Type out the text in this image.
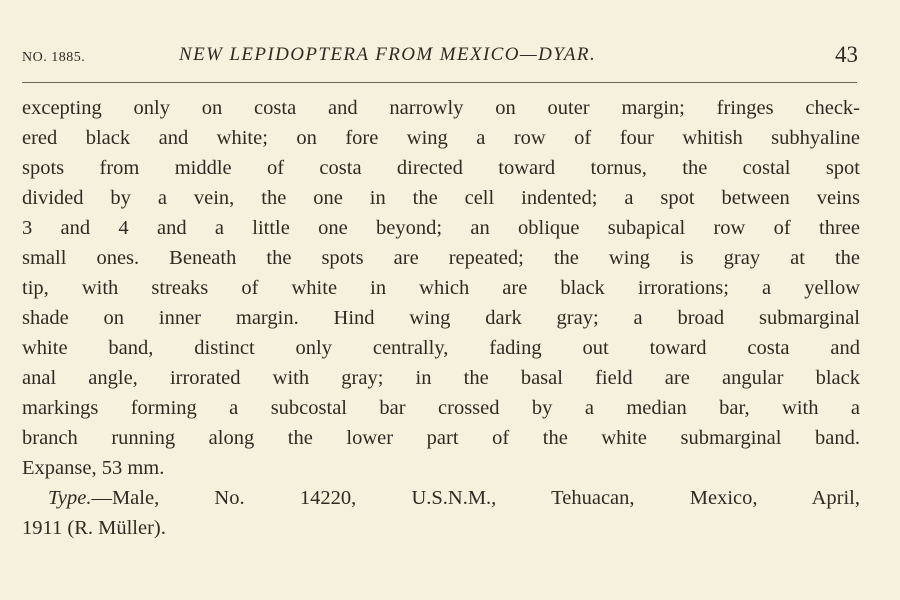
NO. 1885.	NEW LEPIDOPTERA FROM MEXICO—DYAR.	43
excepting only on costa and narrowly on outer margin; fringes check-
ered black and white; on fore wing a row of four whitish subhyaline
spots from middle of costa directed toward tornus, the costal spot
divided by a vein, the one in the cell indented; a spot between veins
3 and 4 and a little one beyond; an oblique subapical row of three
small ones. Beneath the spots are repeated; the wing is gray at the
tip, with streaks of white in which are black irrorations; a yellow
shade on inner margin. Hind wing dark gray; a broad submarginal
white band, distinct only centrally, fading out toward costa and
anal angle, irrorated with gray; in the basal field are angular black
markings forming a subcostal bar crossed by a median bar, with a
branch running along the lower part of the white submarginal band.
Expanse, 53 mm.
Type.—Male, No. 14220, U.S.N.M., Tehuacan, Mexico, April,
1911 (R. Müller).
